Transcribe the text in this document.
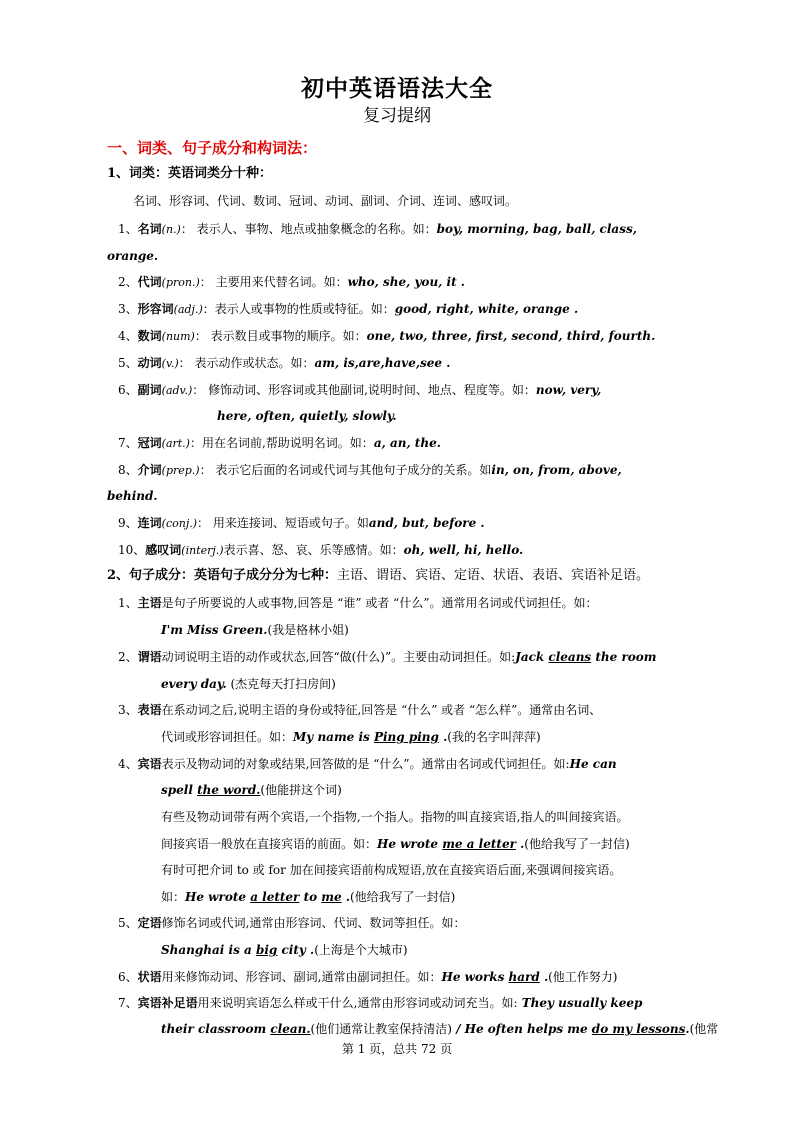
初中英语语法大全
复习提纲
一、词类、句子成分和构词法：
1、词类：英语词类分十种：
名词、形容词、代词、数词、冠词、动词、副词、介词、连词、感叹词。
1、名词(n.)： 表示人、事物、地点或抽象概念的名称。如：boy, morning, bag, ball, class,
orange.
2、代词(pron.)： 主要用来代替名词。如：who, she, you, it .
3、形容词(adj.)：表示人或事物的性质或特征。如：good, right, white, orange .
4、数词(num)： 表示数目或事物的顺序。如：one, two, three, first, second, third, fourth.
5、动词(v.)： 表示动作或状态。如：am, is,are,have,see .
6、副词(adv.)： 修饰动词、形容词或其他副词,说明时间、地点、程度等。如：now, very,
here, often, quietly, slowly.
7、冠词(art.)：用在名词前,帮助说明名词。如：a, an, the.
8、介词(prep.)： 表示它后面的名词或代词与其他句子成分的关系。如in, on, from, above,
behind.
9、连词(conj.)： 用来连接词、短语或句子。如and, but, before .
10、感叹词(interj.)表示喜、怒、哀、乐等感情。如：oh, well, hi, hello.
2、句子成分：英语句子成分分为七种：主语、谓语、宾语、定语、状语、表语、宾语补足语。
1、主语是句子所要说的人或事物,回答是 “谁” 或者 “什么”。通常用名词或代词担任。如：
I'm Miss Green.(我是格林小姐)
2、谓语动词说明主语的动作或状态,回答“做(什么)”。主要由动词担任。如:Jack cleans the room
every day. (杰克每天打扫房间)
3、表语在系动词之后,说明主语的身份或特征,回答是 “什么” 或者 “怎么样”。通常由名词、
代词或形容词担任。如：My name is Ping ping .(我的名字叫萍萍)
4、宾语表示及物动词的对象或结果,回答做的是 “什么”。通常由名词或代词担任。如:He can
spell the word.(他能拼这个词)
有些及物动词带有两个宾语,一个指物,一个指人。指物的叫直接宾语,指人的叫间接宾语。
间接宾语一般放在直接宾语的前面。如：He wrote me a letter .(他给我写了一封信)
有时可把介词 to 或 for 加在间接宾语前构成短语,放在直接宾语后面,来强调间接宾语。
如：He wrote a letter to me .(他给我写了一封信)
5、定语修饰名词或代词,通常由形容词、代词、数词等担任。如：
Shanghai is a big city .(上海是个大城市)
6、状语用来修饰动词、形容词、副词,通常由副词担任。如：He works hard .(他工作努力)
7、宾语补足语用来说明宾语怎么样或干什么,通常由形容词或动词充当。如: They usually keep
their classroom clean.(他们通常让教室保持清洁) / He often helps me do my lessons.(他常
第 1 页，总共 72 页
